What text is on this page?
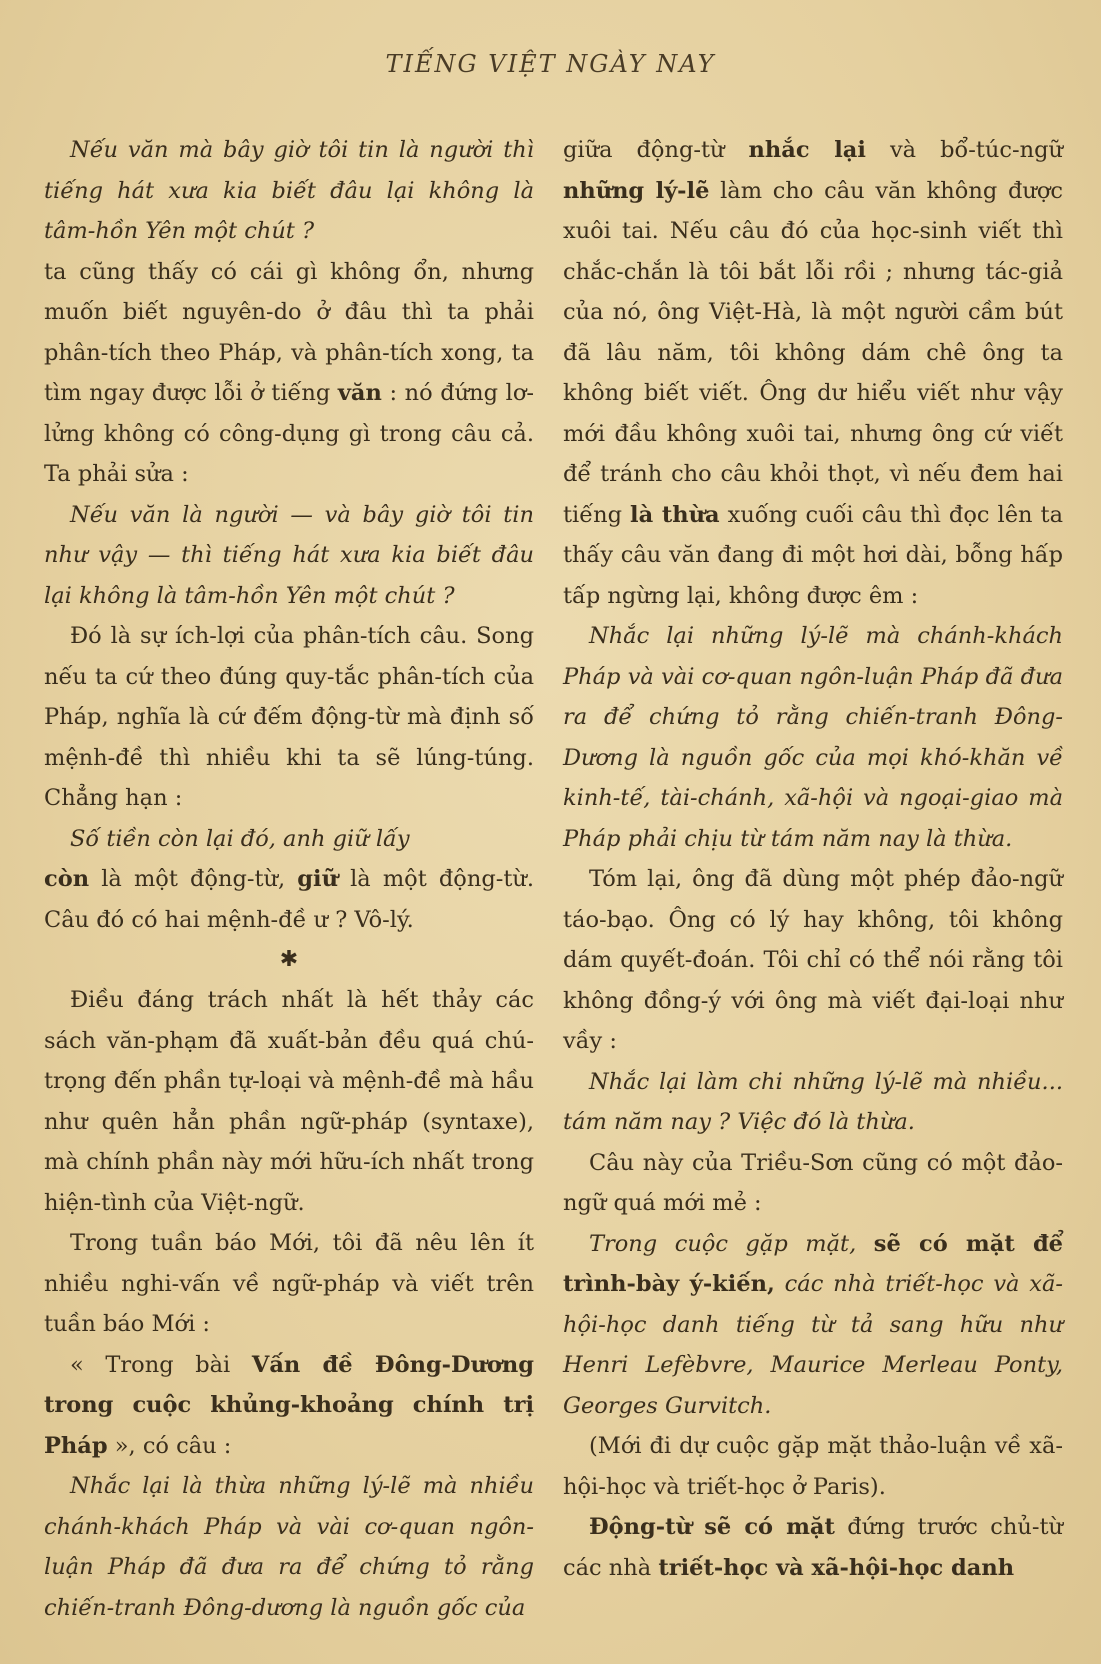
TIẾNG VIỆT NGÀY NAY

Nếu văn mà bây giờ tôi tin là người thì tiếng hát xưa kia biết đâu lại không là tâm-hồn Yên một chút ?

ta cũng thấy có cái gì không ổn, nhưng muốn biết nguyên-do ở đâu thì ta phải phân-tích theo Pháp, và phân-tích xong, ta tìm ngay được lỗi ở tiếng văn : nó đứng lơ-lửng không có công-dụng gì trong câu cả. Ta phải sửa :

Nếu văn là người — và bây giờ tôi tin như vậy — thì tiếng hát xưa kia biết đâu lại không là tâm-hồn Yên một chút ?

Đó là sự ích-lợi của phân-tích câu. Song nếu ta cứ theo đúng quy-tắc phân-tích của Pháp, nghĩa là cứ đếm động-từ mà định số mệnh-đề thì nhiều khi ta sẽ lúng-túng. Chẳng hạn :

Số tiền còn lại đó, anh giữ lấy

còn là một động-từ, giữ là một động-từ. Câu đó có hai mệnh-đề ư ? Vô-lý.

✱

Điều đáng trách nhất là hết thảy các sách văn-phạm đã xuất-bản đều quá chú-trọng đến phần tự-loại và mệnh-đề mà hầu như quên hẳn phần ngữ-pháp (syntaxe), mà chính phần này mới hữu-ích nhất trong hiện-tình của Việt-ngữ.

Trong tuần báo Mới, tôi đã nêu lên ít nhiều nghi-vấn về ngữ-pháp và viết trên tuần báo Mới :

« Trong bài Vấn đề Đông-Dương trong cuộc khủng-khoảng chính trị Pháp », có câu :

Nhắc lại là thừa những lý-lẽ mà nhiều chánh-khách Pháp và vài cơ-quan ngôn-luận Pháp đã đưa ra để chứng tỏ rằng chiến-tranh Đông-dương là nguồn gốc của

giữa động-từ nhắc lại và bổ-túc-ngữ những lý-lẽ làm cho câu văn không được xuôi tai. Nếu câu đó của học-sinh viết thì chắc-chắn là tôi bắt lỗi rồi ; nhưng tác-giả của nó, ông Việt-Hà, là một người cầm bút đã lâu năm, tôi không dám chê ông ta không biết viết. Ông dư hiểu viết như vậy mới đầu không xuôi tai, nhưng ông cứ viết để tránh cho câu khỏi thọt, vì nếu đem hai tiếng là thừa xuống cuối câu thì đọc lên ta thấy câu văn đang đi một hơi dài, bỗng hấp tấp ngừng lại, không được êm :

Nhắc lại những lý-lẽ mà chánh-khách Pháp và vài cơ-quan ngôn-luận Pháp đã đưa ra để chứng tỏ rằng chiến-tranh Đông-Dương là nguồn gốc của mọi khó-khăn về kinh-tế, tài-chánh, xã-hội và ngoại-giao mà Pháp phải chịu từ tám năm nay là thừa.

Tóm lại, ông đã dùng một phép đảo-ngữ táo-bạo. Ông có lý hay không, tôi không dám quyết-đoán. Tôi chỉ có thể nói rằng tôi không đồng-ý với ông mà viết đại-loại như vầy :

Nhắc lại làm chi những lý-lẽ mà nhiều... tám năm nay ? Việc đó là thừa.

Câu này của Triều-Sơn cũng có một đảo-ngữ quá mới mẻ :

Trong cuộc gặp mặt, sẽ có mặt để trình-bày ý-kiến, các nhà triết-học và xã-hội-học danh tiếng từ tả sang hữu như Henri Lefèbvre, Maurice Merleau Ponty, Georges Gurvitch.

(Mới đi dự cuộc gặp mặt thảo-luận về xã-hội-học và triết-học ở Paris).

Động-từ sẽ có mặt đứng trước chủ-từ các nhà triết-học và xã-hội-học danh
